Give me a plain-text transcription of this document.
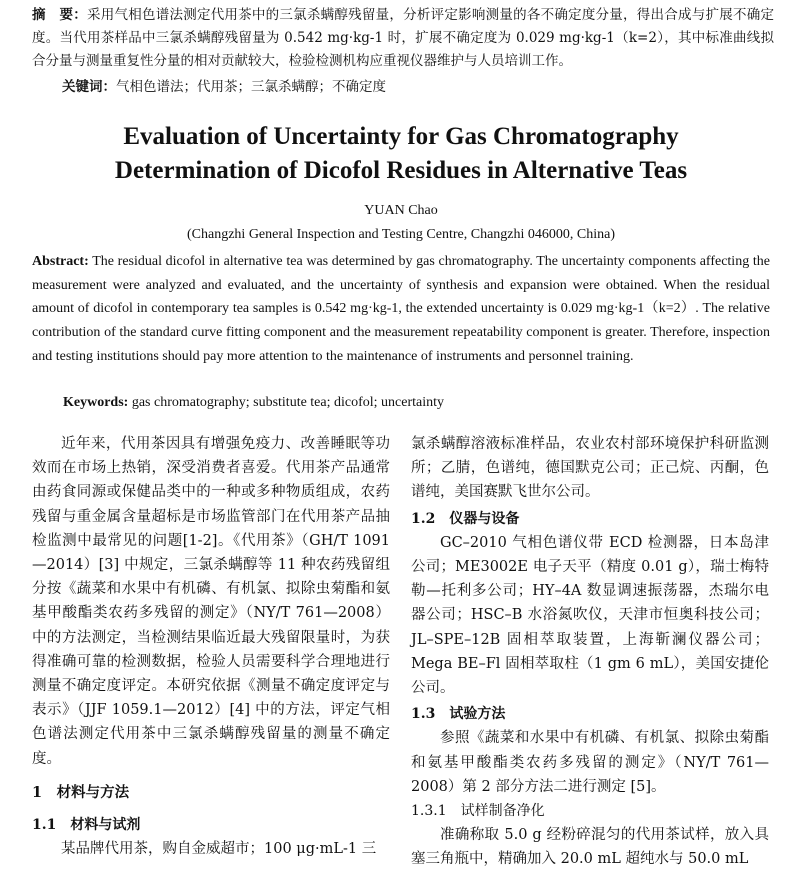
摘　要：采用气相色谱法测定代用茶中的三氯杀螨醇残留量，分析评定影响测量的各不确定度分量，得出合成与扩展不确定度。当代用茶样品中三氯杀螨醇残留量为 0.542 mg·kg-1 时，扩展不确定度为 0.029 mg·kg-1（k=2），其中标准曲线拟合分量与测量重复性分量的相对贡献较大，检验检测机构应重视仪器维护与人员培训工作。
关键词：气相色谱法；代用茶；三氯杀螨醇；不确定度
Evaluation of Uncertainty for Gas Chromatography
Determination of Dicofol Residues in Alternative Teas
YUAN Chao
(Changzhi General Inspection and Testing Centre, Changzhi 046000, China)
Abstract: The residual dicofol in alternative tea was determined by gas chromatography. The uncertainty components affecting the measurement were analyzed and evaluated, and the uncertainty of synthesis and expansion were obtained. When the residual amount of dicofol in contemporary tea samples is 0.542 mg·kg-1, the extended uncertainty is 0.029 mg·kg-1（k=2）. The relative contribution of the standard curve fitting component and the measurement repeatability component is greater. Therefore, inspection and testing institutions should pay more attention to the maintenance of instruments and personnel training.
Keywords: gas chromatography; substitute tea; dicofol; uncertainty

近年来，代用茶因具有增强免疫力、改善睡眠等功效而在市场上热销，深受消费者喜爱。代用茶产品通常由药食同源或保健品类中的一种或多种物质组成，农药残留与重金属含量超标是市场监管部门在代用茶产品抽检监测中最常见的问题[1-2]。《代用茶》（GH/T 1091—2014）[3] 中规定，三氯杀螨醇等 11 种农药残留组分按《蔬菜和水果中有机磷、有机氯、拟除虫菊酯和氨基甲酸酯类农药多残留的测定》（NY/T 761—2008）中的方法测定，当检测结果临近最大残留限量时，为获得准确可靠的检测数据，检验人员需要科学合理地进行测量不确定度评定。本研究依据《测量不确定度评定与表示》（JJF 1059.1—2012）[4] 中的方法，评定气相色谱法测定代用茶中三氯杀螨醇残留量的测量不确定度。

1　材料与方法
1.1　材料与试剂

某品牌代用茶，购自金威超市；100 μg·mL-1 三

氯杀螨醇溶液标准样品，农业农村部环境保护科研监测所；乙腈，色谱纯，德国默克公司；正己烷、丙酮，色谱纯，美国赛默飞世尔公司。

1.2　仪器与设备

GC–2010 气相色谱仪带 ECD 检测器，日本岛津公司；ME3002E 电子天平（精度 0.01 g），瑞士梅特勒—托利多公司；HY–4A 数显调速振荡器，杰瑞尔电器公司；HSC–B 水浴氮吹仪，天津市恒奥科技公司；JL–SPE–12B 固相萃取装置，上海靳澜仪器公司；Mega BE–Fl 固相萃取柱（1 gm 6 mL），美国安捷伦公司。

1.3　试验方法

参照《蔬菜和水果中有机磷、有机氯、拟除虫菊酯和氨基甲酸酯类农药多残留的测定》（NY/T 761—2008）第 2 部分方法二进行测定 [5]。

1.3.1　试样制备净化

准确称取 5.0 g 经粉碎混匀的代用茶试样，放入具塞三角瓶中，精确加入 20.0 mL 超纯水与 50.0 mL
